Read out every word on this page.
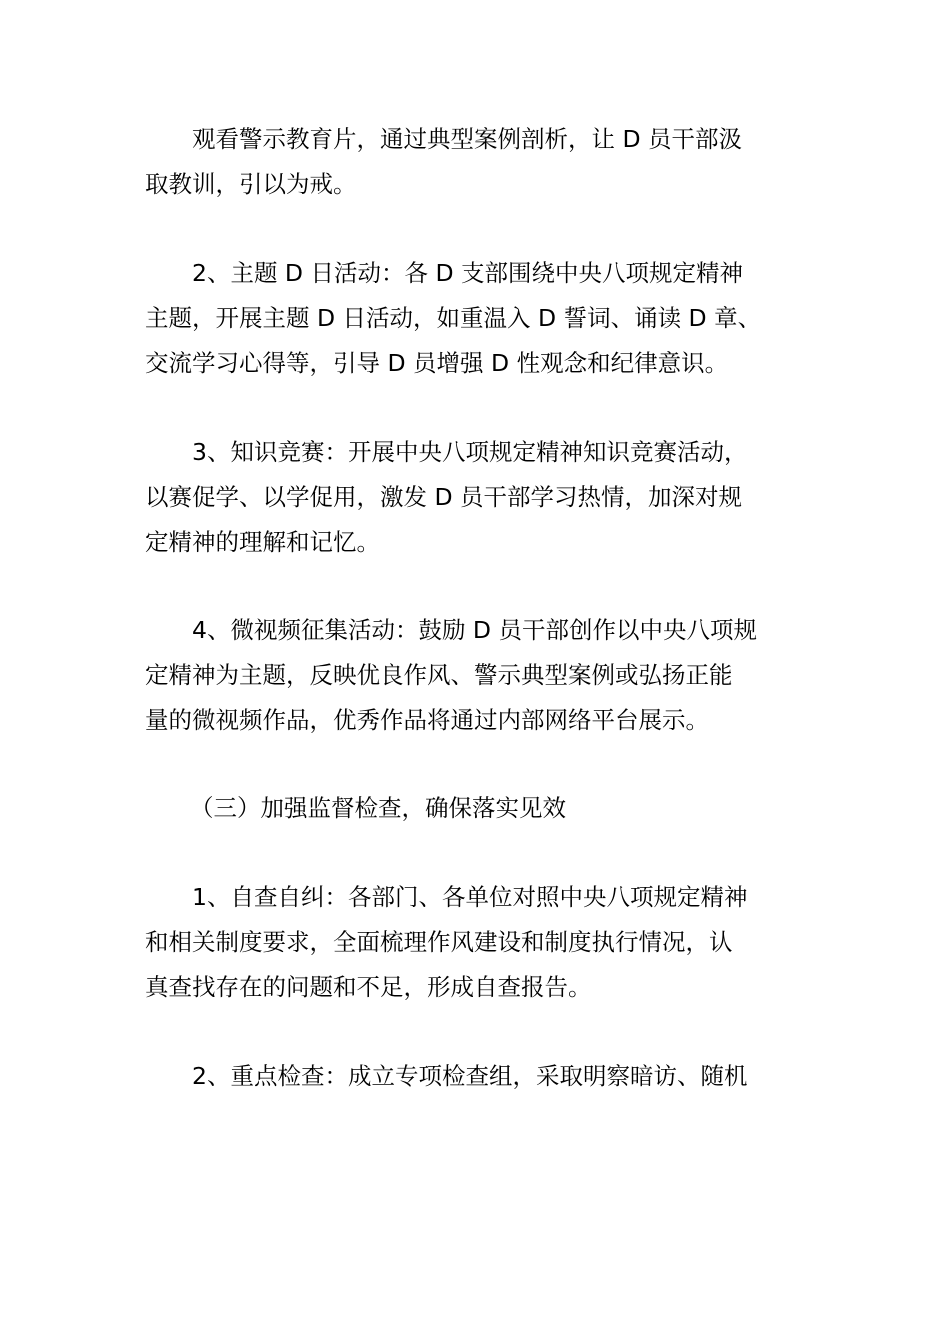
观看警示教育片，通过典型案例剖析，让 D 员干部汲
取教训，引以为戒。

2、主题 D 日活动：各 D 支部围绕中央八项规定精神
主题，开展主题 D 日活动，如重温入 D 誓词、诵读 D 章、
交流学习心得等，引导 D 员增强 D 性观念和纪律意识。

3、知识竞赛：开展中央八项规定精神知识竞赛活动，
以赛促学、以学促用，激发 D 员干部学习热情，加深对规
定精神的理解和记忆。

4、微视频征集活动：鼓励 D 员干部创作以中央八项规
定精神为主题，反映优良作风、警示典型案例或弘扬正能
量的微视频作品，优秀作品将通过内部网络平台展示。

（三）加强监督检查，确保落实见效

1、自查自纠：各部门、各单位对照中央八项规定精神
和相关制度要求，全面梳理作风建设和制度执行情况，认
真查找存在的问题和不足，形成自查报告。

2、重点检查：成立专项检查组，采取明察暗访、随机
